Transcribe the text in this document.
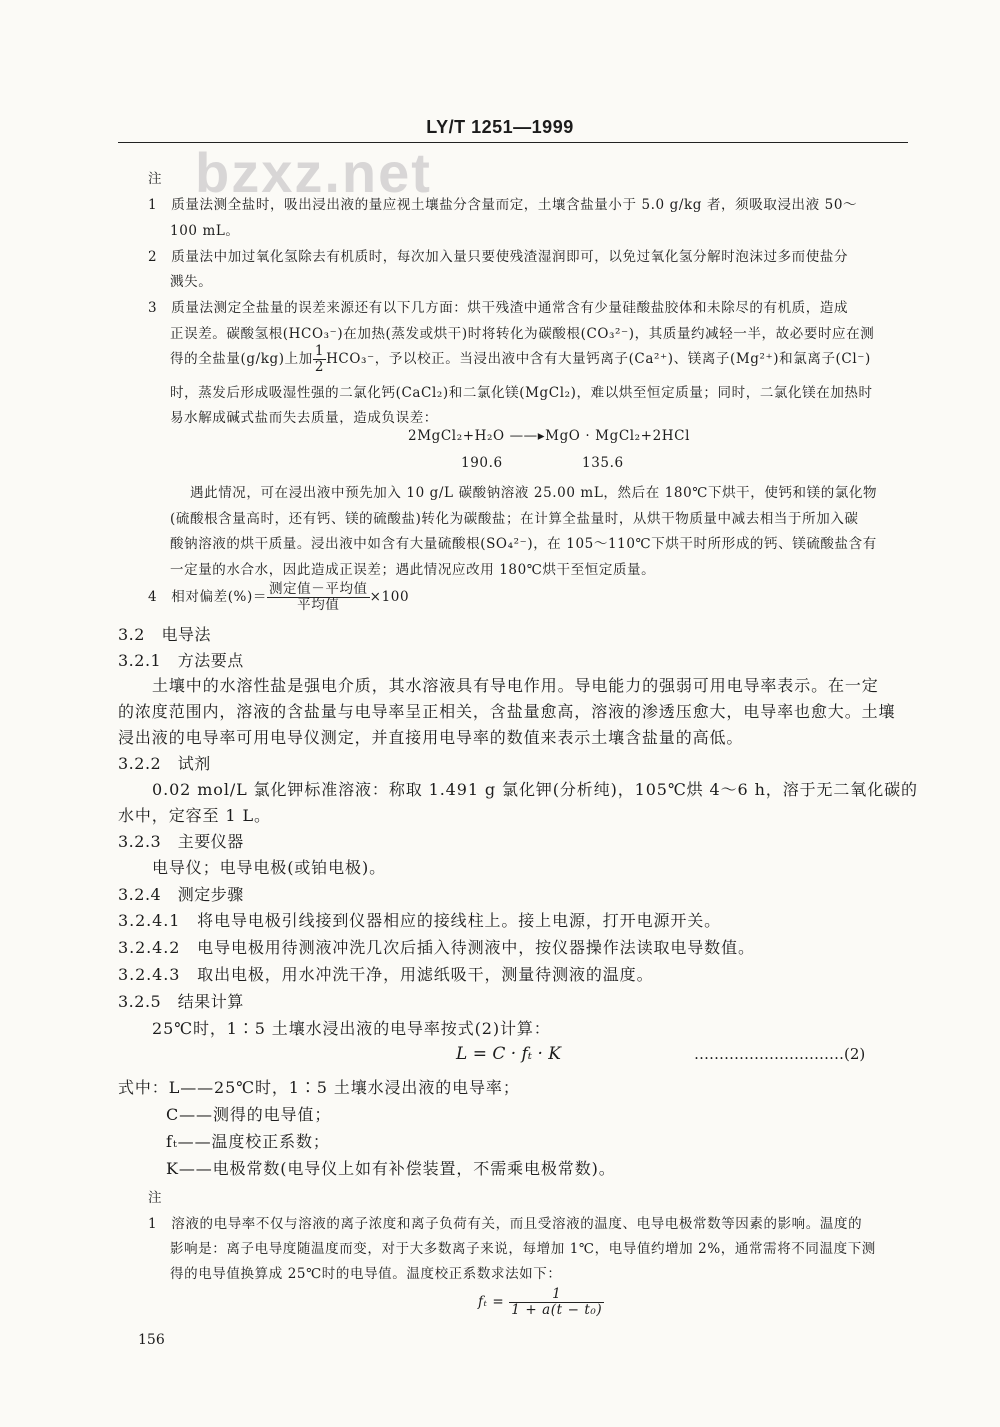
LY/T 1251—1999
bzxz.net
注
1　质量法测全盐时，吸出浸出液的量应视土壤盐分含量而定，土壤含盐量小于 5.0 g/kg 者，须吸取浸出液 50～
100 mL。
2　质量法中加过氧化氢除去有机质时，每次加入量只要使残渣湿润即可，以免过氧化氢分解时泡沫过多而使盐分
溅失。
3　质量法测定全盐量的误差来源还有以下几方面：烘干残渣中通常含有少量硅酸盐胶体和未除尽的有机质，造成
正误差。碳酸氢根(HCO₃⁻)在加热(蒸发或烘干)时将转化为碳酸根(CO₃²⁻)，其质量约减轻一半，故必要时应在测
得的全盐量(g/kg)上加 $\frac{1}{2} HCO_3^-$，予以校正。当浸出液中含有大量钙离子(Ca²⁺)、镁离子(Mg²⁺)和氯离子(Cl⁻)
时，蒸发后形成吸湿性强的二氯化钙(CaCl₂)和二氯化镁(MgCl₂)，难以烘至恒定质量；同时，二氯化镁在加热时
易水解成碱式盐而失去质量，造成负误差：
2MgCl₂+H₂O ——▸MgO · MgCl₂+2HCl
190.6	135.6
遇此情况，可在浸出液中预先加入 10 g/L 碳酸钠溶液 25.00 mL，然后在 180℃下烘干，使钙和镁的氯化物
(硫酸根含量高时，还有钙、镁的硫酸盐)转化为碳酸盐；在计算全盐量时，从烘干物质量中减去相当于所加入碳
酸钠溶液的烘干质量。浸出液中如含有大量硫酸根(SO₄²⁻)，在 105～110℃下烘干时所形成的钙、镁硫酸盐含有
一定量的水合水，因此造成正误差；遇此情况应改用 180℃烘干至恒定质量。
4　相对偏差(%)＝ $\frac{\text{测定值－平均值}}{\text{平均值}} \times 100$
3.2　电导法
3.2.1　方法要点
土壤中的水溶性盐是强电介质，其水溶液具有导电作用。导电能力的强弱可用电导率表示。在一定
的浓度范围内，溶液的含盐量与电导率呈正相关，含盐量愈高，溶液的渗透压愈大，电导率也愈大。土壤
浸出液的电导率可用电导仪测定，并直接用电导率的数值来表示土壤含盐量的高低。
3.2.2　试剂
0.02 mol/L 氯化钾标准溶液：称取 1.491 g 氯化钾(分析纯)，105℃烘 4～6 h，溶于无二氧化碳的
水中，定容至 1 L。
3.2.3　主要仪器
电导仪；电导电极(或铂电极)。
3.2.4　测定步骤
3.2.4.1　将电导电极引线接到仪器相应的接线柱上。接上电源，打开电源开关。
3.2.4.2　电导电极用待测液冲洗几次后插入待测液中，按仪器操作法读取电导数值。
3.2.4.3　取出电极，用水冲洗干净，用滤纸吸干，测量待测液的温度。
3.2.5　结果计算
25℃时，1∶5 土壤水浸出液的电导率按式(2)计算：
L = C · fₜ · K	…………………………(2)
式中：L——25℃时，1∶5 土壤水浸出液的电导率；
C——测得的电导值；
fₜ——温度校正系数；
K——电极常数(电导仪上如有补偿装置，不需乘电极常数)。
注
1　溶液的电导率不仅与溶液的离子浓度和离子负荷有关，而且受溶液的温度、电导电极常数等因素的影响。温度的
影响是：离子电导度随温度而变，对于大多数离子来说，每增加 1℃，电导值约增加 2%，通常需将不同温度下测
得的电导值换算成 25℃时的电导值。温度校正系数求法如下：
$f_t = \frac{1}{\text{1 + a(t − t₀)}}$
156
